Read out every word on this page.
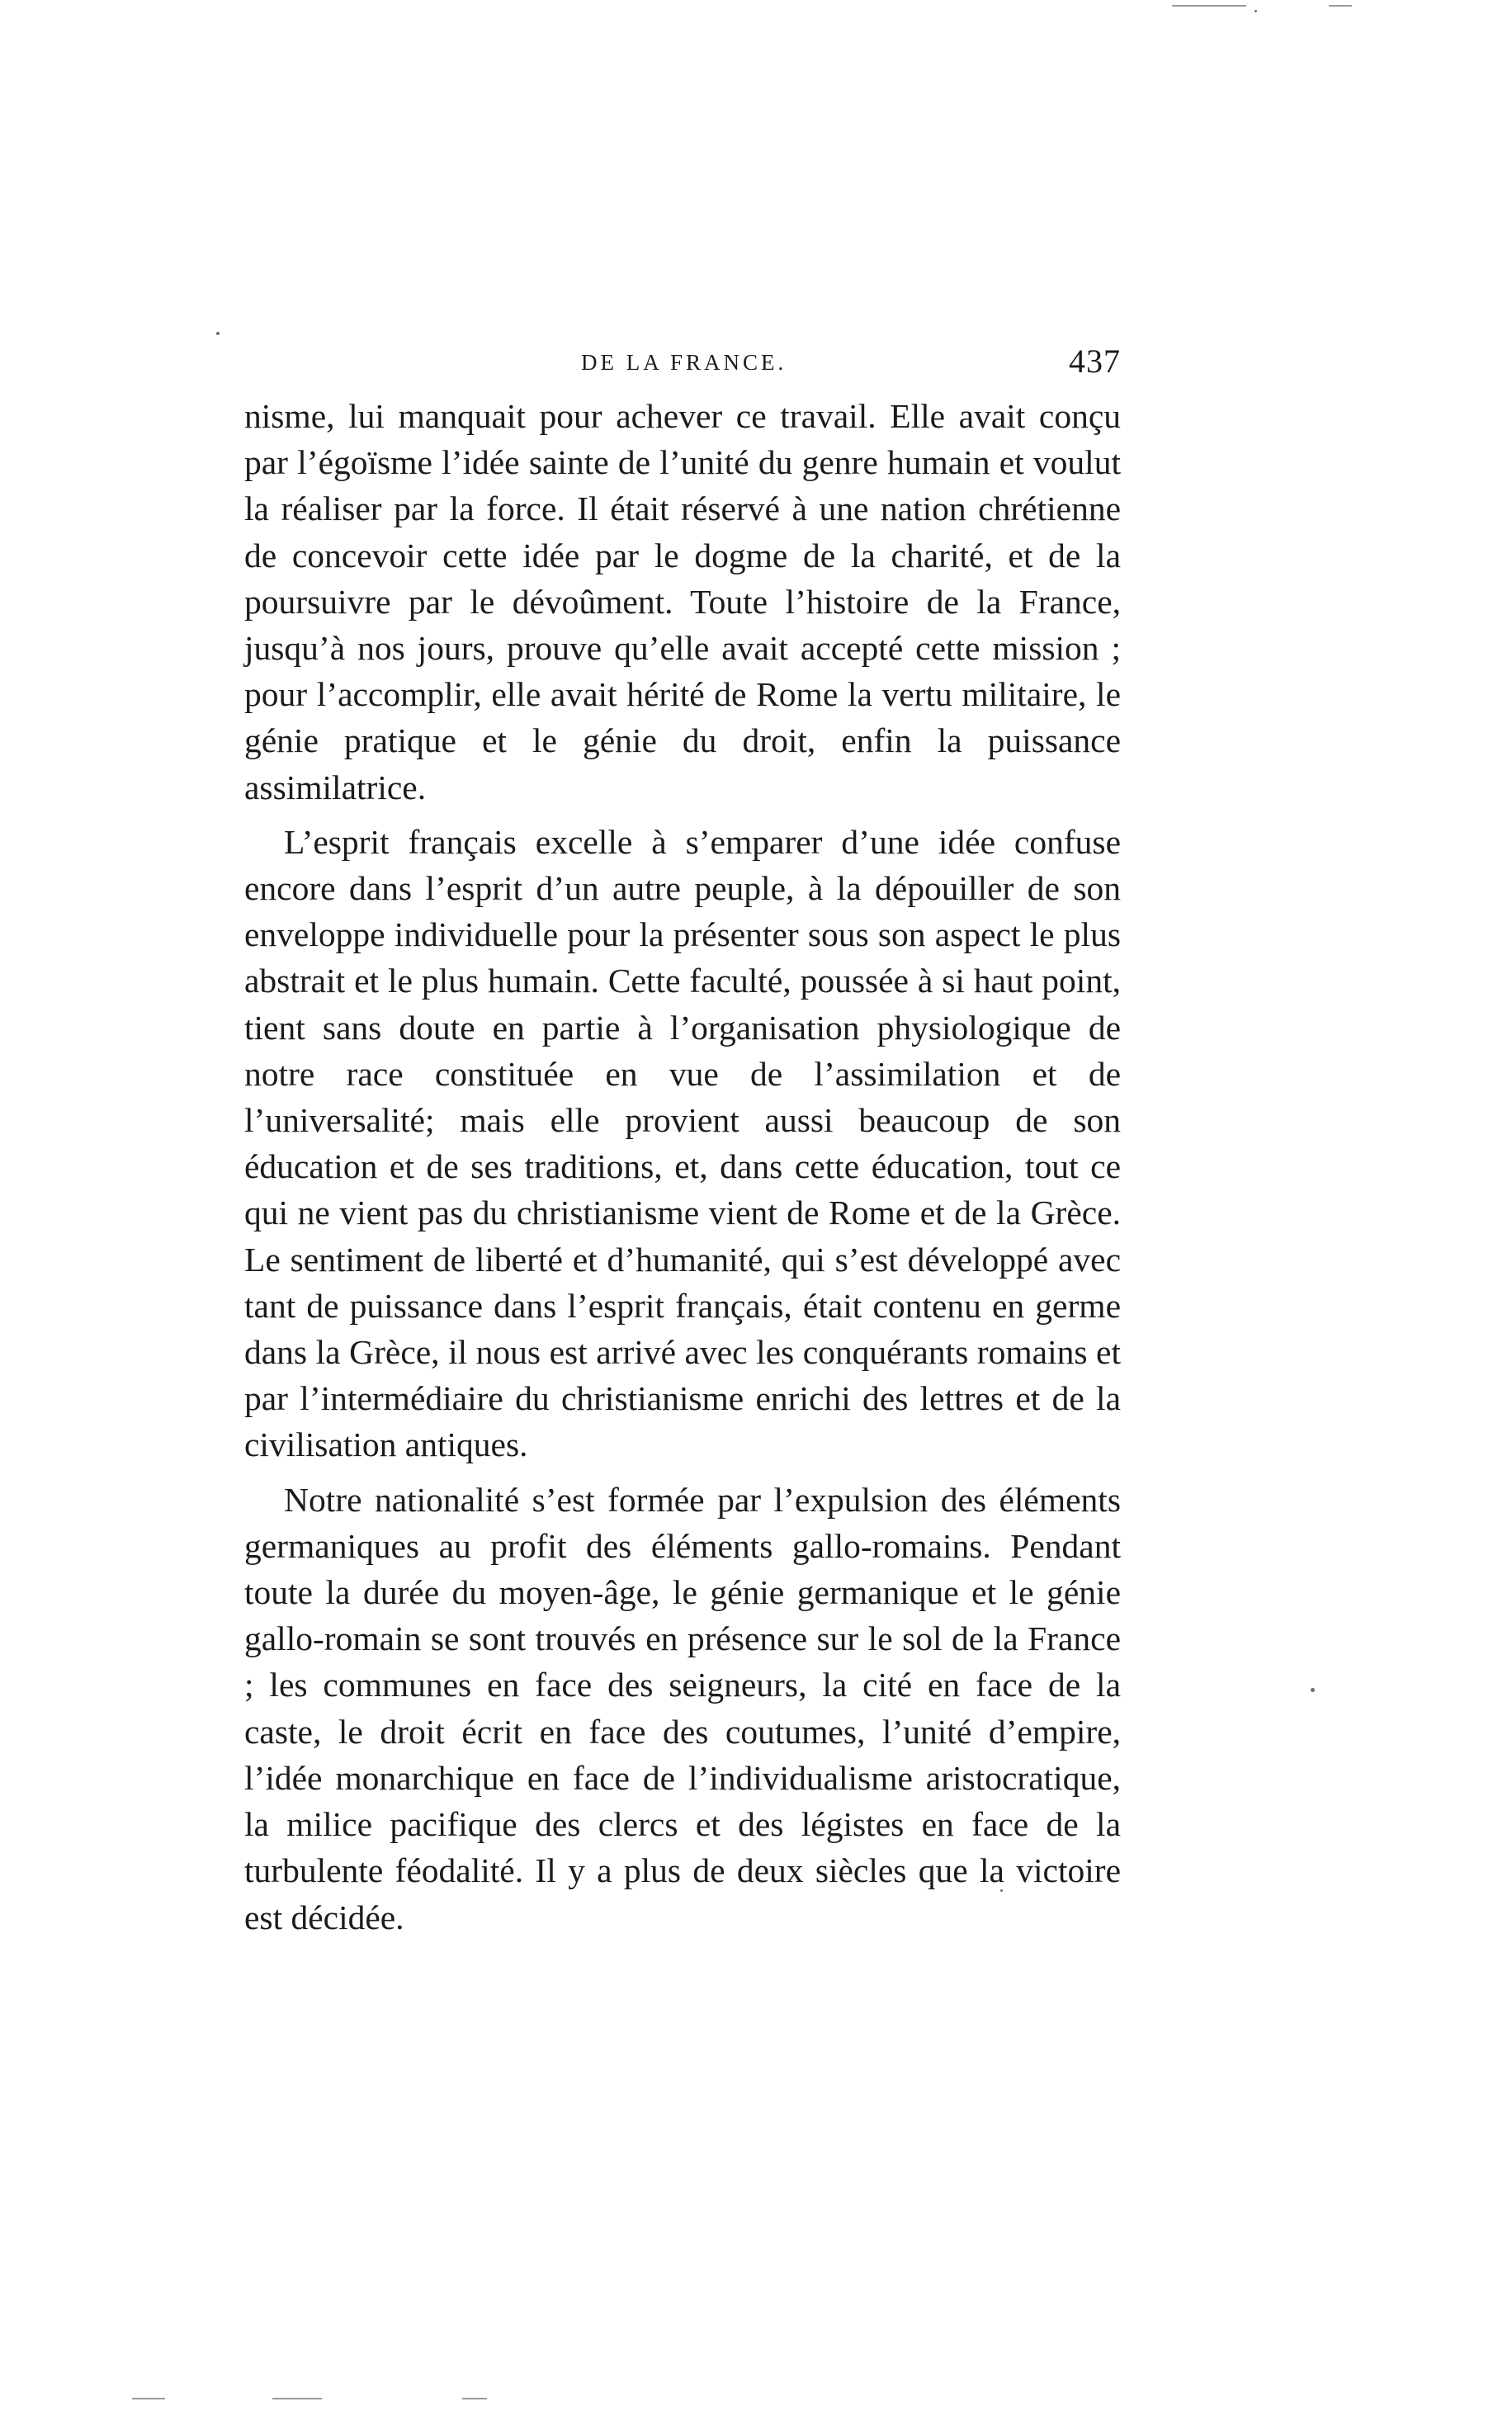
DE LA FRANCE.	437

nisme, lui manquait pour achever ce travail. Elle avait conçu par l’égoïsme l’idée sainte de l’unité du genre humain et voulut la réaliser par la force. Il était réservé à une nation chrétienne de concevoir cette idée par le dogme de la charité, et de la poursuivre par le dévoûment. Toute l’histoire de la France, jusqu’à nos jours, prouve qu’elle avait accepté cette mission ; pour l’accomplir, elle avait hérité de Rome la vertu militaire, le génie pratique et le génie du droit, enfin la puissance assimilatrice.

L’esprit français excelle à s’emparer d’une idée confuse encore dans l’esprit d’un autre peuple, à la dépouiller de son enveloppe individuelle pour la présenter sous son aspect le plus abstrait et le plus humain. Cette faculté, poussée à si haut point, tient sans doute en partie à l’organisation physiologique de notre race constituée en vue de l’assimilation et de l’universalité; mais elle provient aussi beaucoup de son éducation et de ses traditions, et, dans cette éducation, tout ce qui ne vient pas du christianisme vient de Rome et de la Grèce. Le sentiment de liberté et d’humanité, qui s’est développé avec tant de puissance dans l’esprit français, était contenu en germe dans la Grèce, il nous est arrivé avec les conquérants romains et par l’intermédiaire du christianisme enrichi des lettres et de la civilisation antiques.

Notre nationalité s’est formée par l’expulsion des éléments germaniques au profit des éléments gallo-romains. Pendant toute la durée du moyen-âge, le génie germanique et le génie gallo-romain se sont trouvés en présence sur le sol de la France ; les communes en face des seigneurs, la cité en face de la caste, le droit écrit en face des coutumes, l’unité d’empire, l’idée monarchique en face de l’individualisme aristocratique, la milice pacifique des clercs et des légistes en face de la turbulente féodalité. Il y a plus de deux siècles que la victoire est décidée.
